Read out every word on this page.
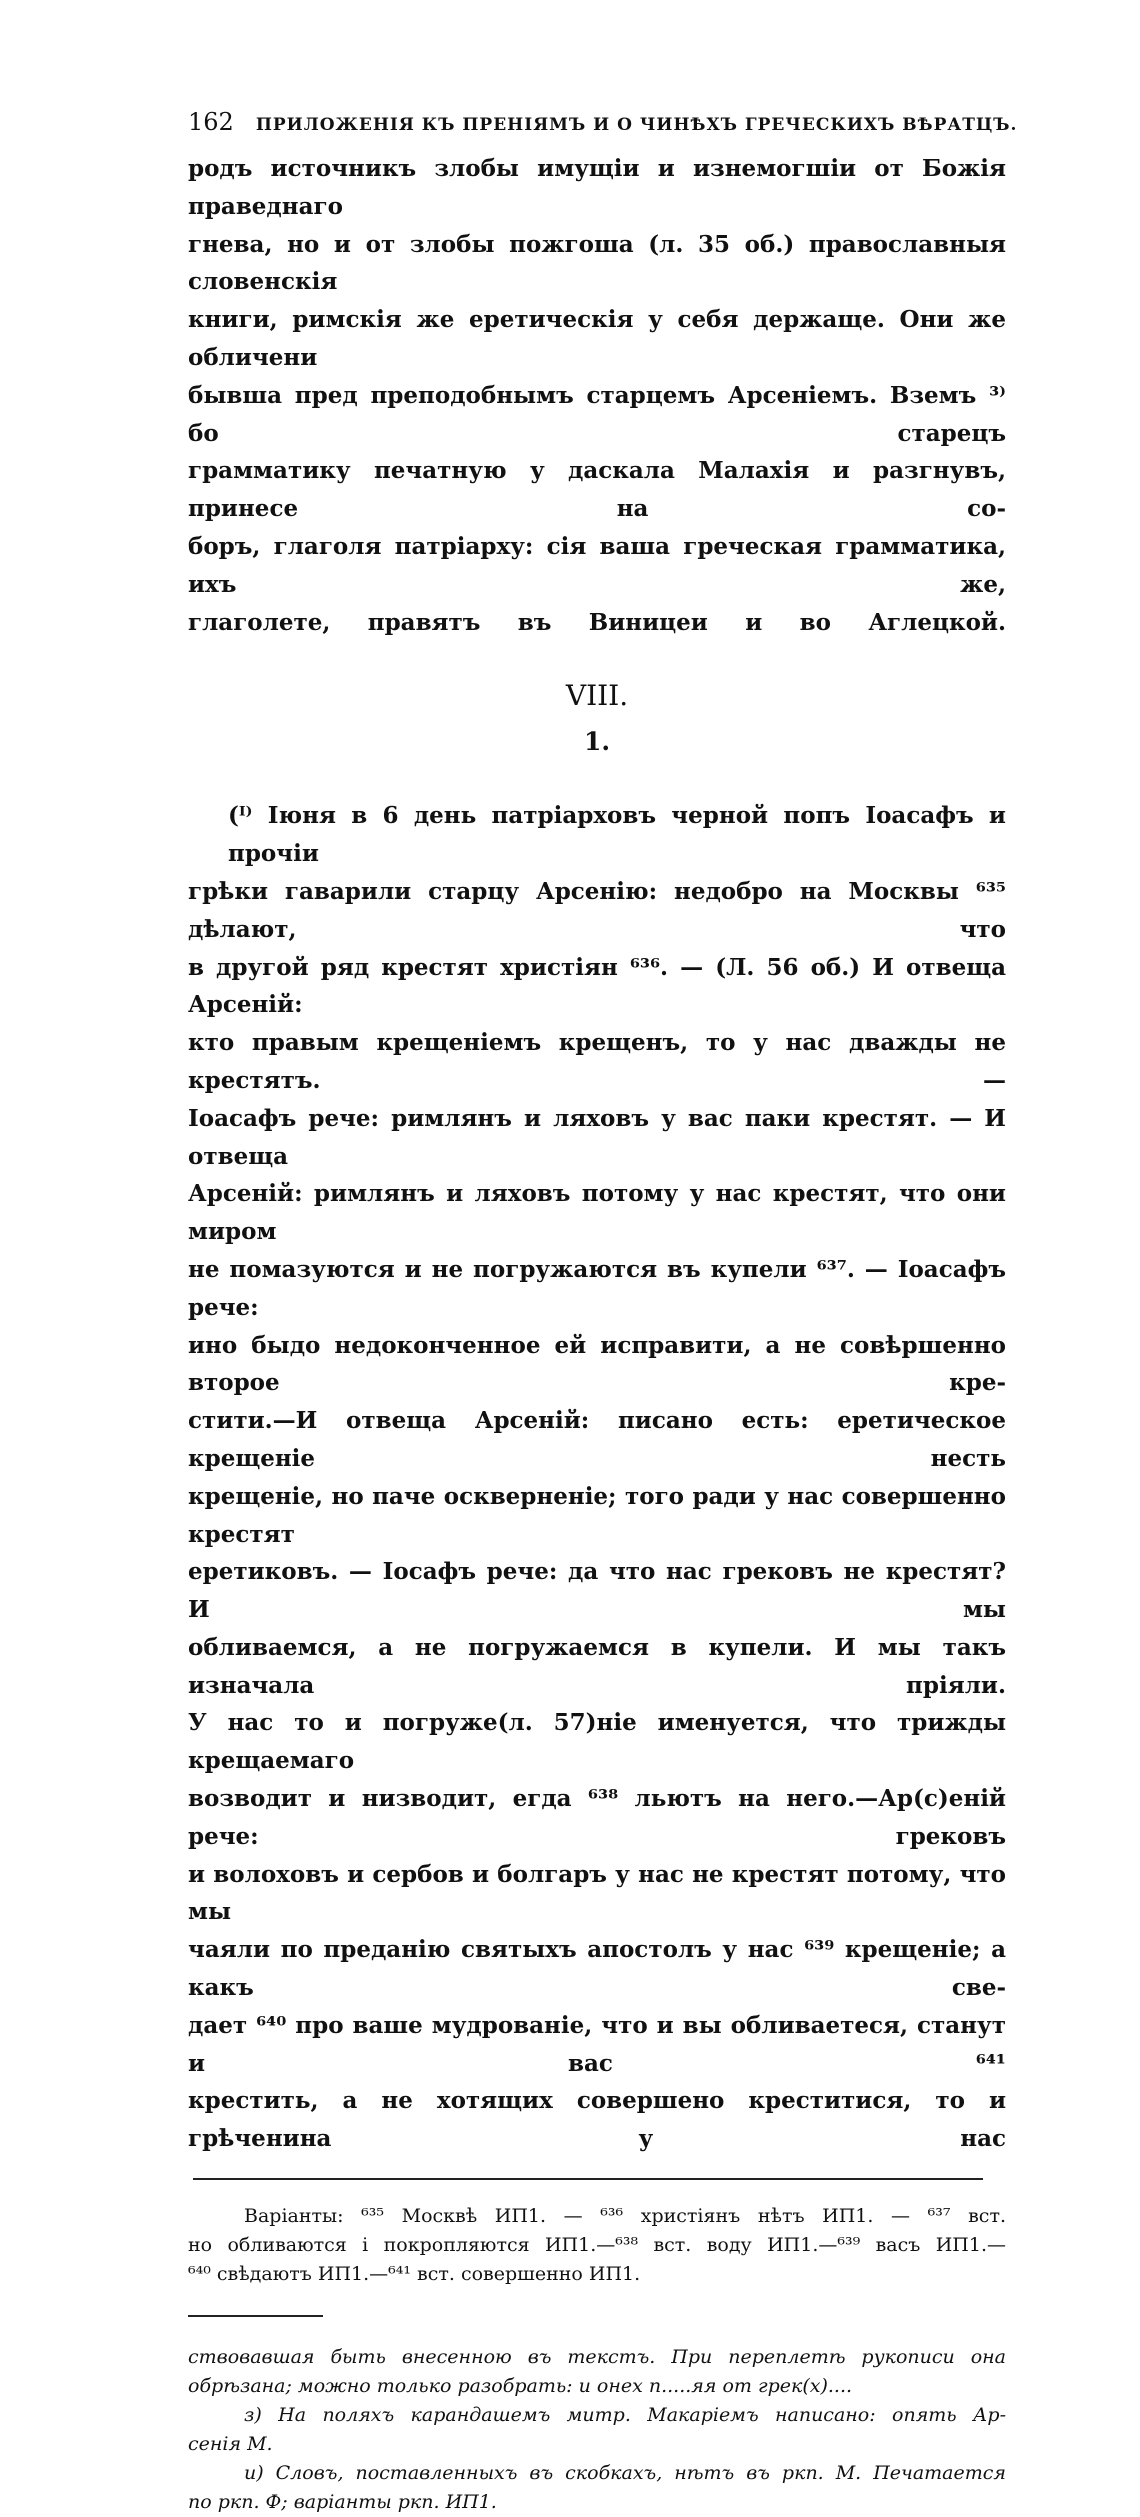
162 ПРИЛОЖЕНІЯ КЪ ПРЕНІЯМЪ И О ЧИНѢХЪ ГРЕЧЕСКИХЪ ВѢРАТЦЪ.
родъ источникъ злобы имущіи и изнемогшіи от Божія праведнаго
гнева, но и от злобы пожгоша (л. 35 об.) православныя словенскія
книги, римскія же еретическія у себя держаще. Они же обличени
бывша пред преподобнымъ старцемъ Арсеніемъ. Вземъ ³⁾ бо старецъ
грамматику печатную у даскала Малахія и разгнувъ, принесе на со-
боръ, глаголя патріарху: сія ваша греческая грамматика, ихъ же,
глаголете, правятъ въ Виницеи и во Аглецкой.
VIII.
1.
(ᴵ⁾ Іюня в 6 день патріарховъ черной попъ Іоасафъ и прочіи
грѣки гаварили старцу Арсенію: недобро на Москвы ⁶³⁵ дѣлают, что
в другой ряд крестят христіян ⁶³⁶. — (Л. 56 об.) И отвеща Арсеній:
кто правым крещеніемъ крещенъ, то у нас дважды не крестятъ. —
Іоасафъ рече: римлянъ и ляховъ у вас паки крестят. — И отвеща
Арсеній: римлянъ и ляховъ потому у нас крестят, что они миром
не помазуются и не погружаются въ купели ⁶³⁷. — Іоасафъ рече:
ино быдо недоконченное ей исправити, а не совѣршенно второе кре-
стити.—И отвеща Арсеній: писано есть: еретическое крещеніе несть
крещеніе, но паче оскверненіе; того ради у нас совершенно крестят
еретиковъ. — Іосафъ рече: да что нас грековъ не крестят? И мы
обливаемся, а не погружаемся в купели. И мы такъ изначала пріяли.
У нас то и погруже(л. 57)ніе именуется, что трижды крещаемаго
возводит и низводит, егда ⁶³⁸ льютъ на него.—Ар(с)еній рече: грековъ
и волоховъ и сербов и болгаръ у нас не крестят потому, что мы
чаяли по преданію святыхъ апостолъ у нас ⁶³⁹ крещеніе; а какъ све-
дает ⁶⁴⁰ про ваше мудрованіе, что и вы обливаетеся, станут и вас ⁶⁴¹
крестить, а не хотящих совершено креститися, то и грѣченина у нас
Варіанты: ⁶³⁵ Москвѣ ИП1. — ⁶³⁶ христіянъ нѣтъ ИП1. — ⁶³⁷ вст.
но обливаются і покропляются ИП1.—⁶³⁸ вст. воду ИП1.—⁶³⁹ васъ ИП1.—
⁶⁴⁰ свѣдаютъ ИП1.—⁶⁴¹ вст. совершенно ИП1.
ствовавшая быть внесенною въ текстъ. При переплетѣ рукописи она
обрѣзана; можно только разобрать: и онех п.....яя от грек(х)....
з) На поляхъ карандашемъ митр. Макаріемъ написано: опять Ар-
сенія М.
и) Словъ, поставленныхъ въ скобкахъ, нѣтъ въ ркп. М. Печатается
по ркп. Ф; варіанты ркп. ИП1.
